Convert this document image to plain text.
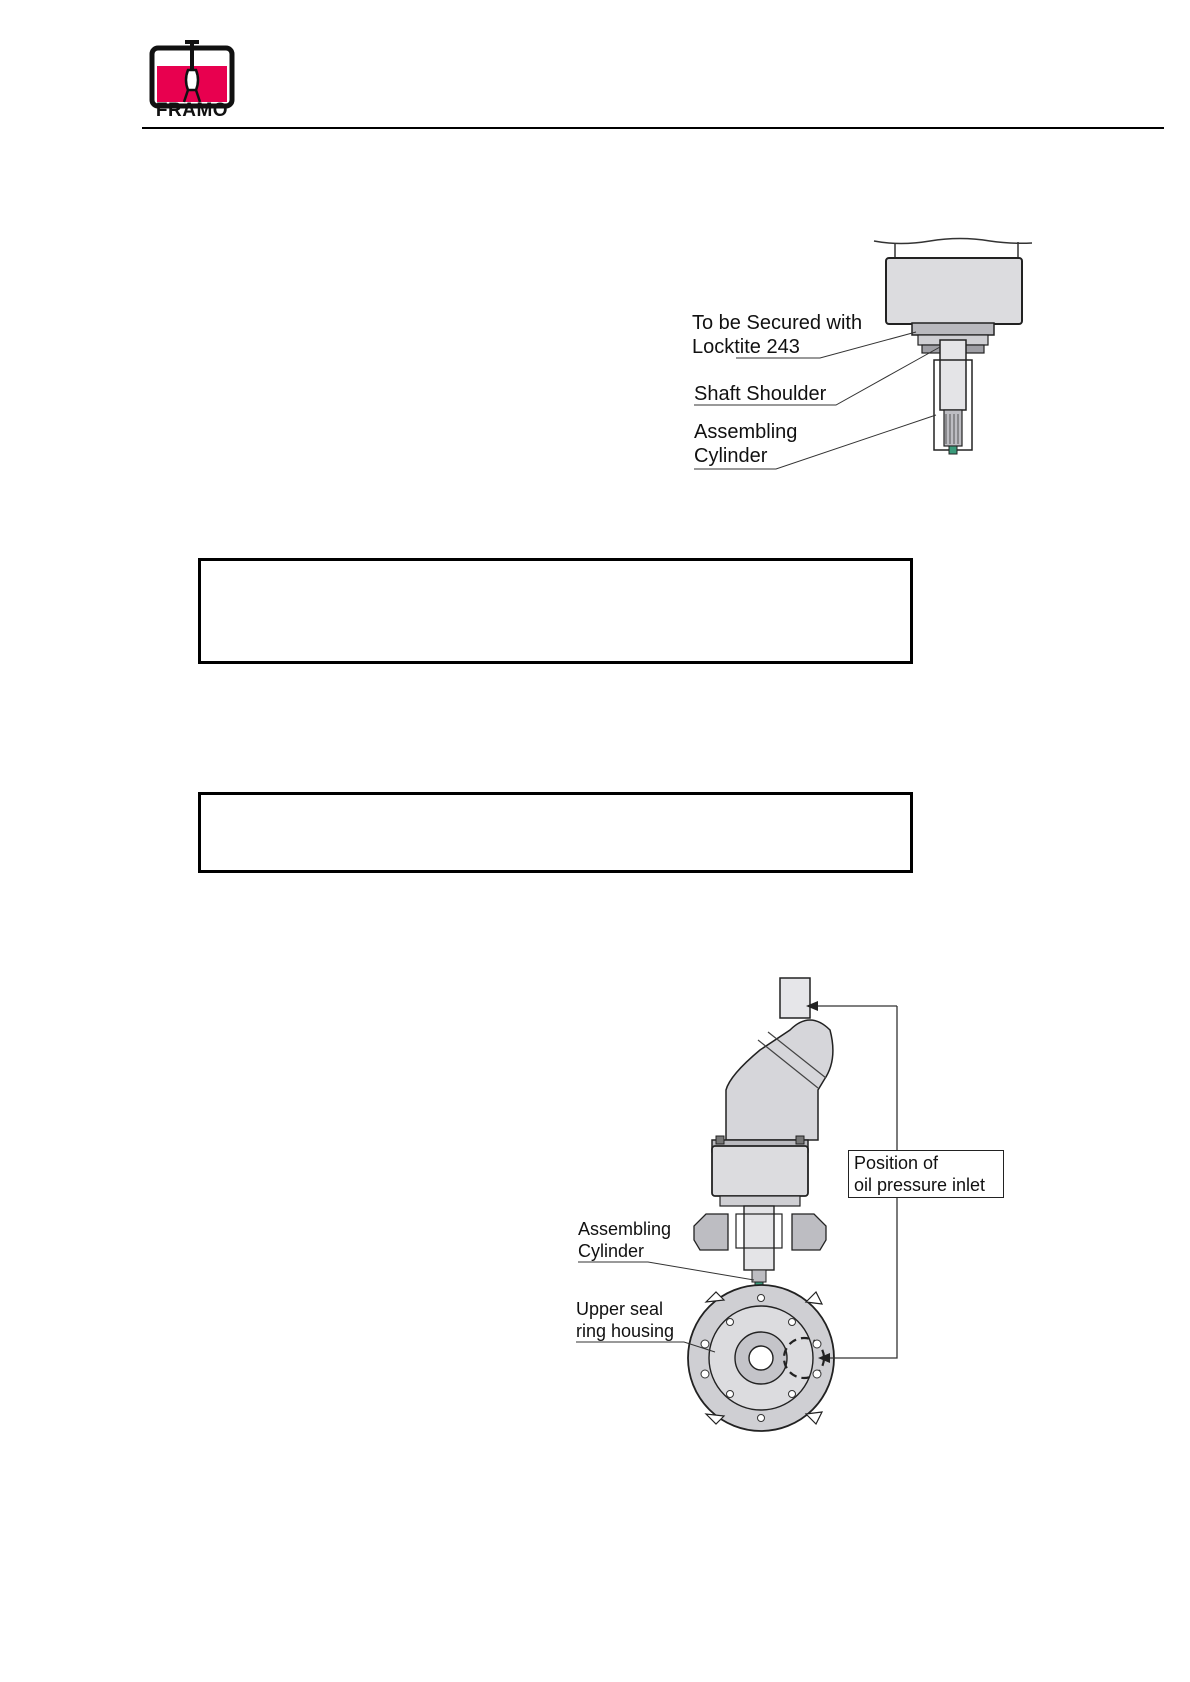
FRAMO
To be Secured with
Locktite 243
Shaft Shoulder
Assembling
Cylinder
Position of
oil pressure inlet
Assembling
Cylinder
Upper seal
ring housing
